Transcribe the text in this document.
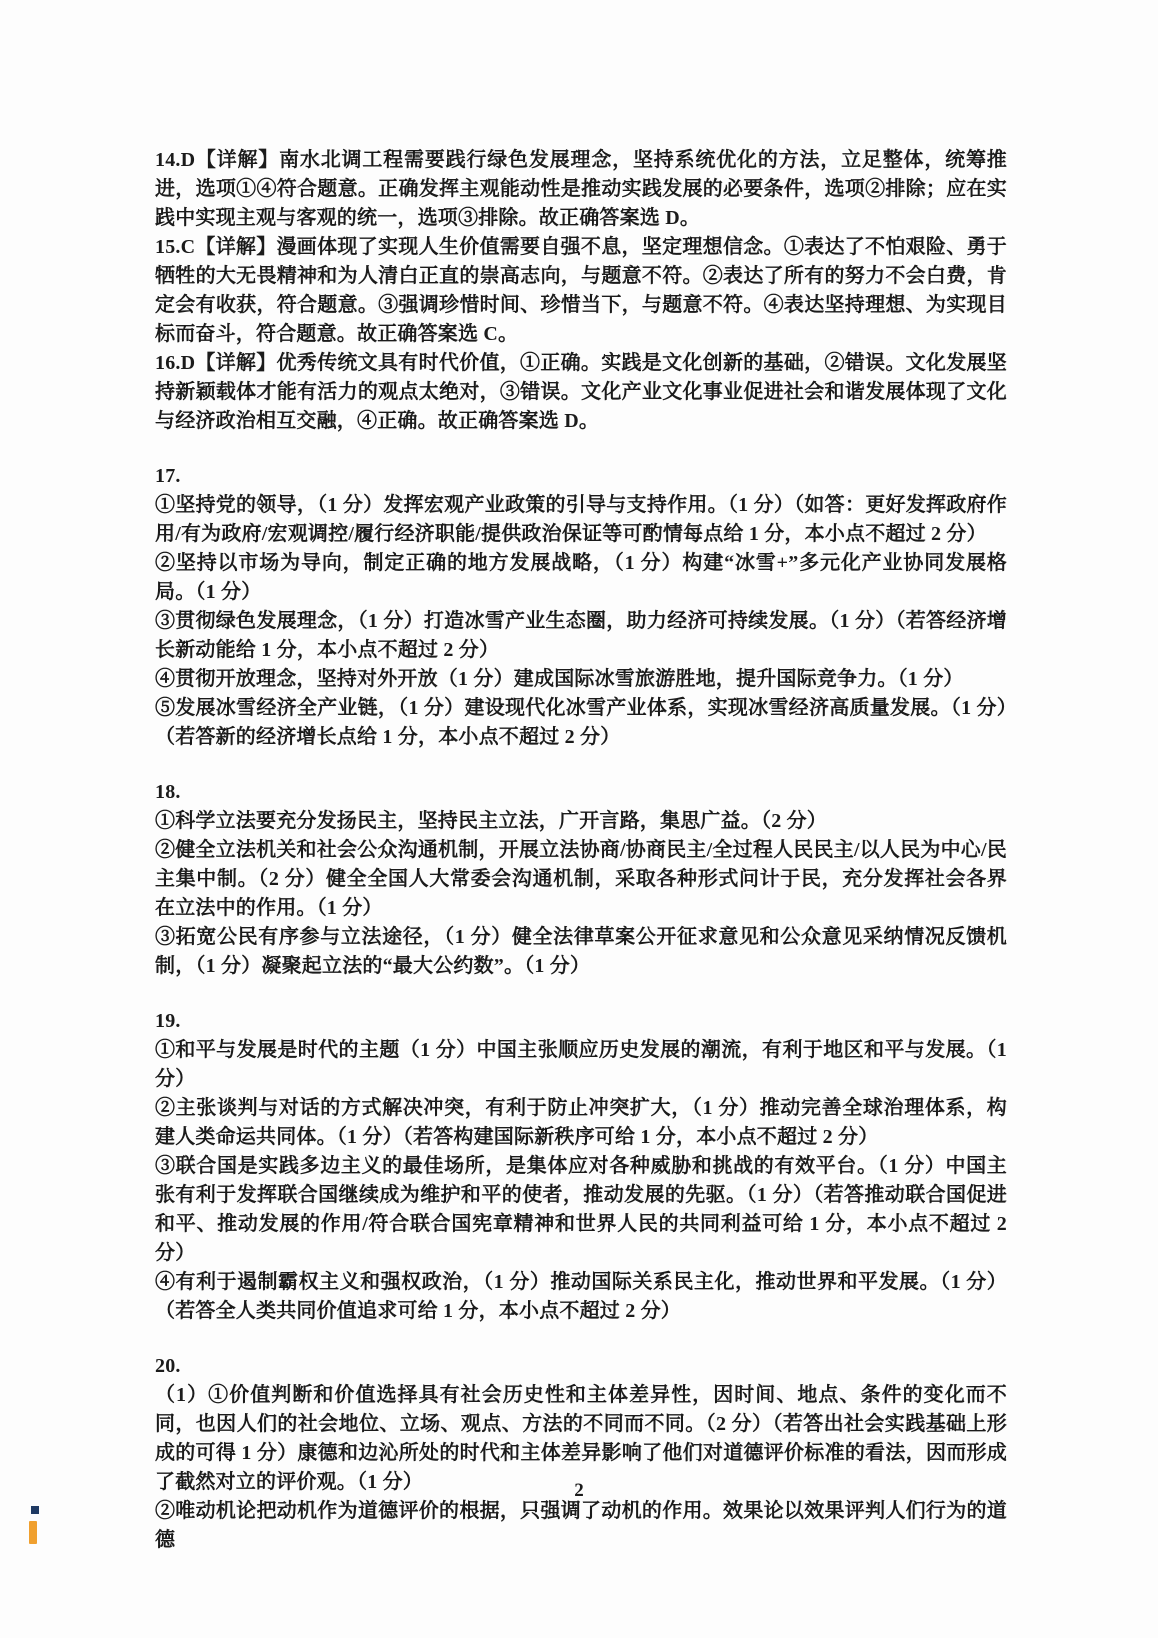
14.D【详解】南水北调工程需要践行绿色发展理念，坚持系统优化的方法，立足整体，统筹推进，选项①④符合题意。正确发挥主观能动性是推动实践发展的必要条件，选项②排除；应在实践中实现主观与客观的统一，选项③排除。故正确答案选 D。

15.C【详解】漫画体现了实现人生价值需要自强不息，坚定理想信念。①表达了不怕艰险、勇于牺牲的大无畏精神和为人清白正直的崇高志向，与题意不符。②表达了所有的努力不会白费，肯定会有收获，符合题意。③强调珍惜时间、珍惜当下，与题意不符。④表达坚持理想、为实现目标而奋斗，符合题意。故正确答案选 C。

16.D【详解】优秀传统文具有时代价值，①正确。实践是文化创新的基础，②错误。文化发展坚持新颖载体才能有活力的观点太绝对，③错误。文化产业文化事业促进社会和谐发展体现了文化与经济政治相互交融，④正确。故正确答案选 D。

17.

①坚持党的领导，（1 分）发挥宏观产业政策的引导与支持作用。（1 分）（如答：更好发挥政府作用/有为政府/宏观调控/履行经济职能/提供政治保证等可酌情每点给 1 分，本小点不超过 2 分）

②坚持以市场为导向，制定正确的地方发展战略，（1 分）构建“冰雪+”多元化产业协同发展格局。（1 分）

③贯彻绿色发展理念，（1 分）打造冰雪产业生态圈，助力经济可持续发展。（1 分）（若答经济增长新动能给 1 分，本小点不超过 2 分）

④贯彻开放理念，坚持对外开放（1 分）建成国际冰雪旅游胜地，提升国际竞争力。（1 分）

⑤发展冰雪经济全产业链，（1 分）建设现代化冰雪产业体系，实现冰雪经济高质量发展。（1 分）（若答新的经济增长点给 1 分，本小点不超过 2 分）

18.

①科学立法要充分发扬民主，坚持民主立法，广开言路，集思广益。（2 分）

②健全立法机关和社会公众沟通机制，开展立法协商/协商民主/全过程人民民主/以人民为中心/民主集中制。（2 分）健全全国人大常委会沟通机制，采取各种形式问计于民，充分发挥社会各界在立法中的作用。（1 分）

③拓宽公民有序参与立法途径，（1 分）健全法律草案公开征求意见和公众意见采纳情况反馈机制，（1 分）凝聚起立法的“最大公约数”。（1 分）

19.

①和平与发展是时代的主题（1 分）中国主张顺应历史发展的潮流，有利于地区和平与发展。（1 分）

②主张谈判与对话的方式解决冲突，有利于防止冲突扩大，（1 分）推动完善全球治理体系，构建人类命运共同体。（1 分）（若答构建国际新秩序可给 1 分，本小点不超过 2 分）

③联合国是实践多边主义的最佳场所，是集体应对各种威胁和挑战的有效平台。（1 分）中国主张有利于发挥联合国继续成为维护和平的使者，推动发展的先驱。（1 分）（若答推动联合国促进和平、推动发展的作用/符合联合国宪章精神和世界人民的共同利益可给 1 分，本小点不超过 2 分）

④有利于遏制霸权主义和强权政治，（1 分）推动国际关系民主化，推动世界和平发展。（1 分）（若答全人类共同价值追求可给 1 分，本小点不超过 2 分）

20.

（1）①价值判断和价值选择具有社会历史性和主体差异性，因时间、地点、条件的变化而不同，也因人们的社会地位、立场、观点、方法的不同而不同。（2 分）（若答出社会实践基础上形成的可得 1 分）康德和边沁所处的时代和主体差异影响了他们对道德评价标准的看法，因而形成了截然对立的评价观。（1 分）

②唯动机论把动机作为道德评价的根据，只强调了动机的作用。效果论以效果评判人们行为的道德

2
